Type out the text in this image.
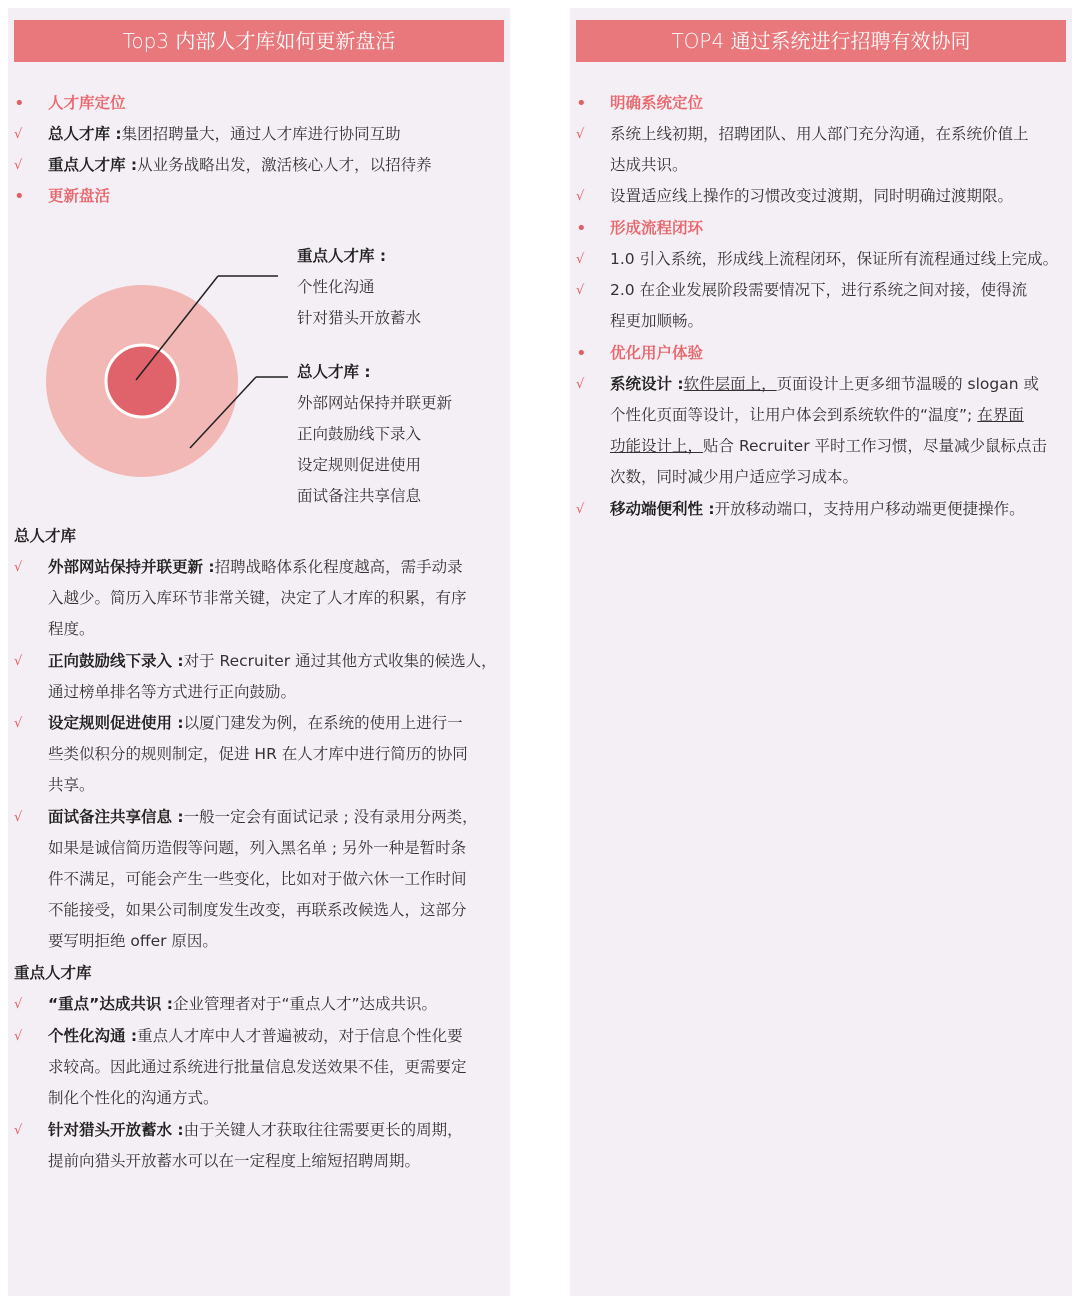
Top3 内部人才库如何更新盘活
•	人才库定位
√	总人才库 :集团招聘量大，通过人才库进行协同互助
√	重点人才库 :从业务战略出发，激活核心人才，以招待养
•	更新盘活
重点人才库 :
个性化沟通
针对猎头开放蓄水
总人才库 :
外部网站保持并联更新
正向鼓励线下录入
设定规则促进使用
面试备注共享信息
总人才库
√	外部网站保持并联更新 :招聘战略体系化程度越高，需手动录
入越少。简历入库环节非常关键，决定了人才库的积累，有序
程度。
√	正向鼓励线下录入 :对于 Recruiter 通过其他方式收集的候选人，
通过榜单排名等方式进行正向鼓励。
√	设定规则促进使用 :以厦门建发为例，在系统的使用上进行一
些类似积分的规则制定，促进 HR 在人才库中进行简历的协同
共享。
√	面试备注共享信息 :一般一定会有面试记录 ; 没有录用分两类，
如果是诚信简历造假等问题，列入黑名单 ; 另外一种是暂时条
件不满足，可能会产生一些变化，比如对于做六休一工作时间
不能接受，如果公司制度发生改变，再联系改候选人，这部分
要写明拒绝 offer 原因。
重点人才库
√	“重点”达成共识 :企业管理者对于“重点人才”达成共识。
√	个性化沟通 :重点人才库中人才普遍被动，对于信息个性化要
求较高。因此通过系统进行批量信息发送效果不佳，更需要定
制化个性化的沟通方式。
√	针对猎头开放蓄水 :由于关键人才获取往往需要更长的周期，
提前向猎头开放蓄水可以在一定程度上缩短招聘周期。
TOP4 通过系统进行招聘有效协同
•	明确系统定位
√	系统上线初期，招聘团队、用人部门充分沟通，在系统价值上
达成共识。
√	设置适应线上操作的习惯改变过渡期，同时明确过渡期限。
•	形成流程闭环
√	1.0 引入系统，形成线上流程闭环，保证所有流程通过线上完成。
√	2.0 在企业发展阶段需要情况下，进行系统之间对接，使得流
程更加顺畅。
•	优化用户体验
√	系统设计 :软件层面上，页面设计上更多细节温暖的 slogan 或
个性化页面等设计，让用户体会到系统软件的“温度”; 在界面
功能设计上，贴合 Recruiter 平时工作习惯，尽量减少鼠标点击
次数，同时减少用户适应学习成本。
√	移动端便利性 :开放移动端口，支持用户移动端更便捷操作。
